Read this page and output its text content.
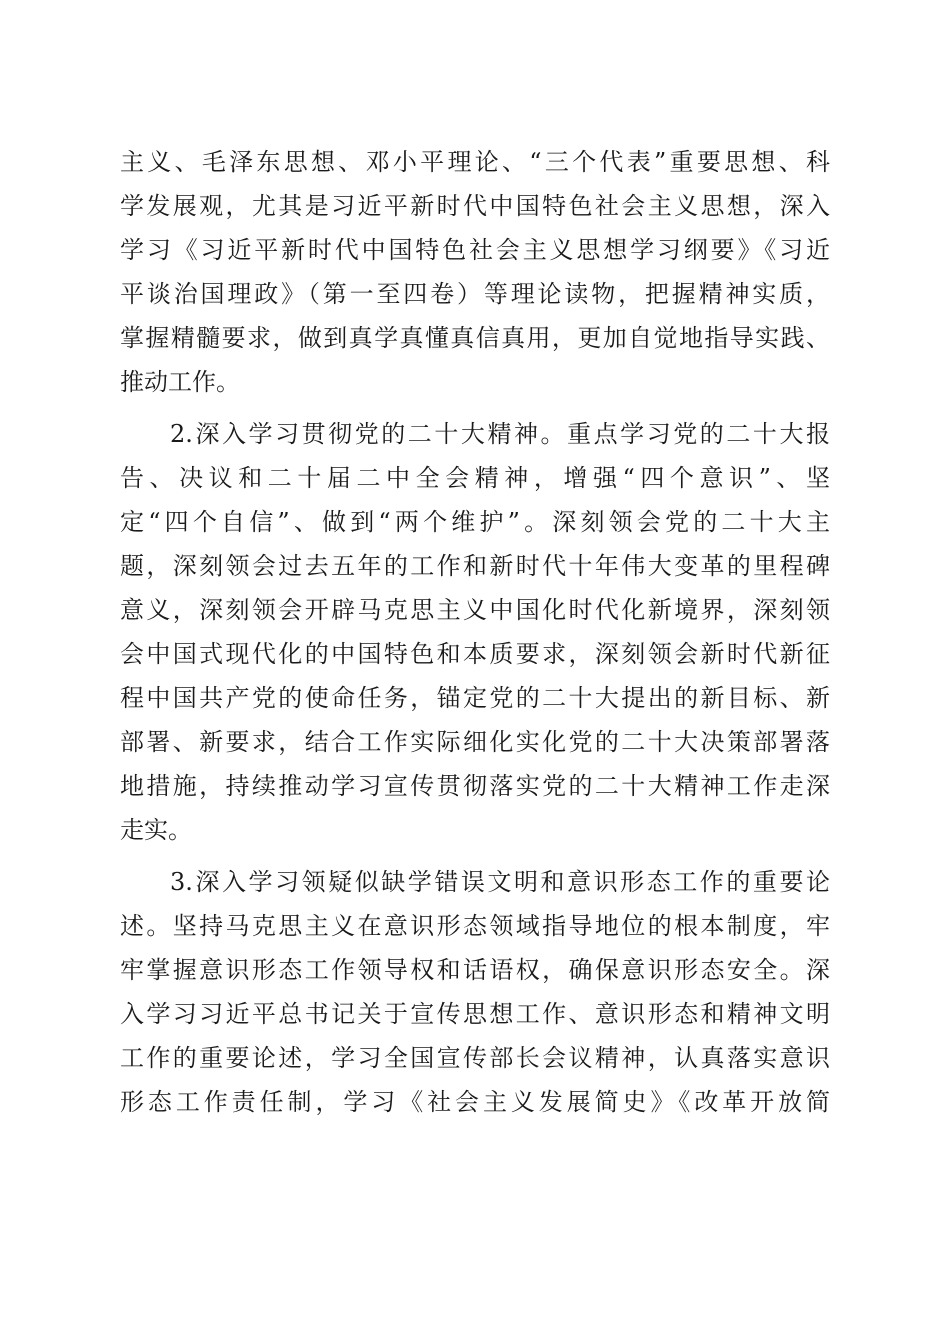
主义、毛泽东思想、邓小平理论、“三个代表”重要思想、科
学发展观，尤其是习近平新时代中国特色社会主义思想，深入
学习《习近平新时代中国特色社会主义思想学习纲要》《习近
平谈治国理政》（第一至四卷）等理论读物，把握精神实质，
掌握精髓要求，做到真学真懂真信真用，更加自觉地指导实践、
推动工作。
2.深入学习贯彻党的二十大精神。重点学习党的二十大报
告、决议和二十届二中全会精神，增强“四个意识”、坚
定“四个自信”、做到“两个维护”。深刻领会党的二十大主
题，深刻领会过去五年的工作和新时代十年伟大变革的里程碑
意义，深刻领会开辟马克思主义中国化时代化新境界，深刻领
会中国式现代化的中国特色和本质要求，深刻领会新时代新征
程中国共产党的使命任务，锚定党的二十大提出的新目标、新
部署、新要求，结合工作实际细化实化党的二十大决策部署落
地措施，持续推动学习宣传贯彻落实党的二十大精神工作走深
走实。
3.深入学习领疑似缺学错误文明和意识形态工作的重要论
述。坚持马克思主义在意识形态领域指导地位的根本制度，牢
牢掌握意识形态工作领导权和话语权，确保意识形态安全。深
入学习习近平总书记关于宣传思想工作、意识形态和精神文明
工作的重要论述，学习全国宣传部长会议精神，认真落实意识
形态工作责任制，学习《社会主义发展简史》《改革开放简
